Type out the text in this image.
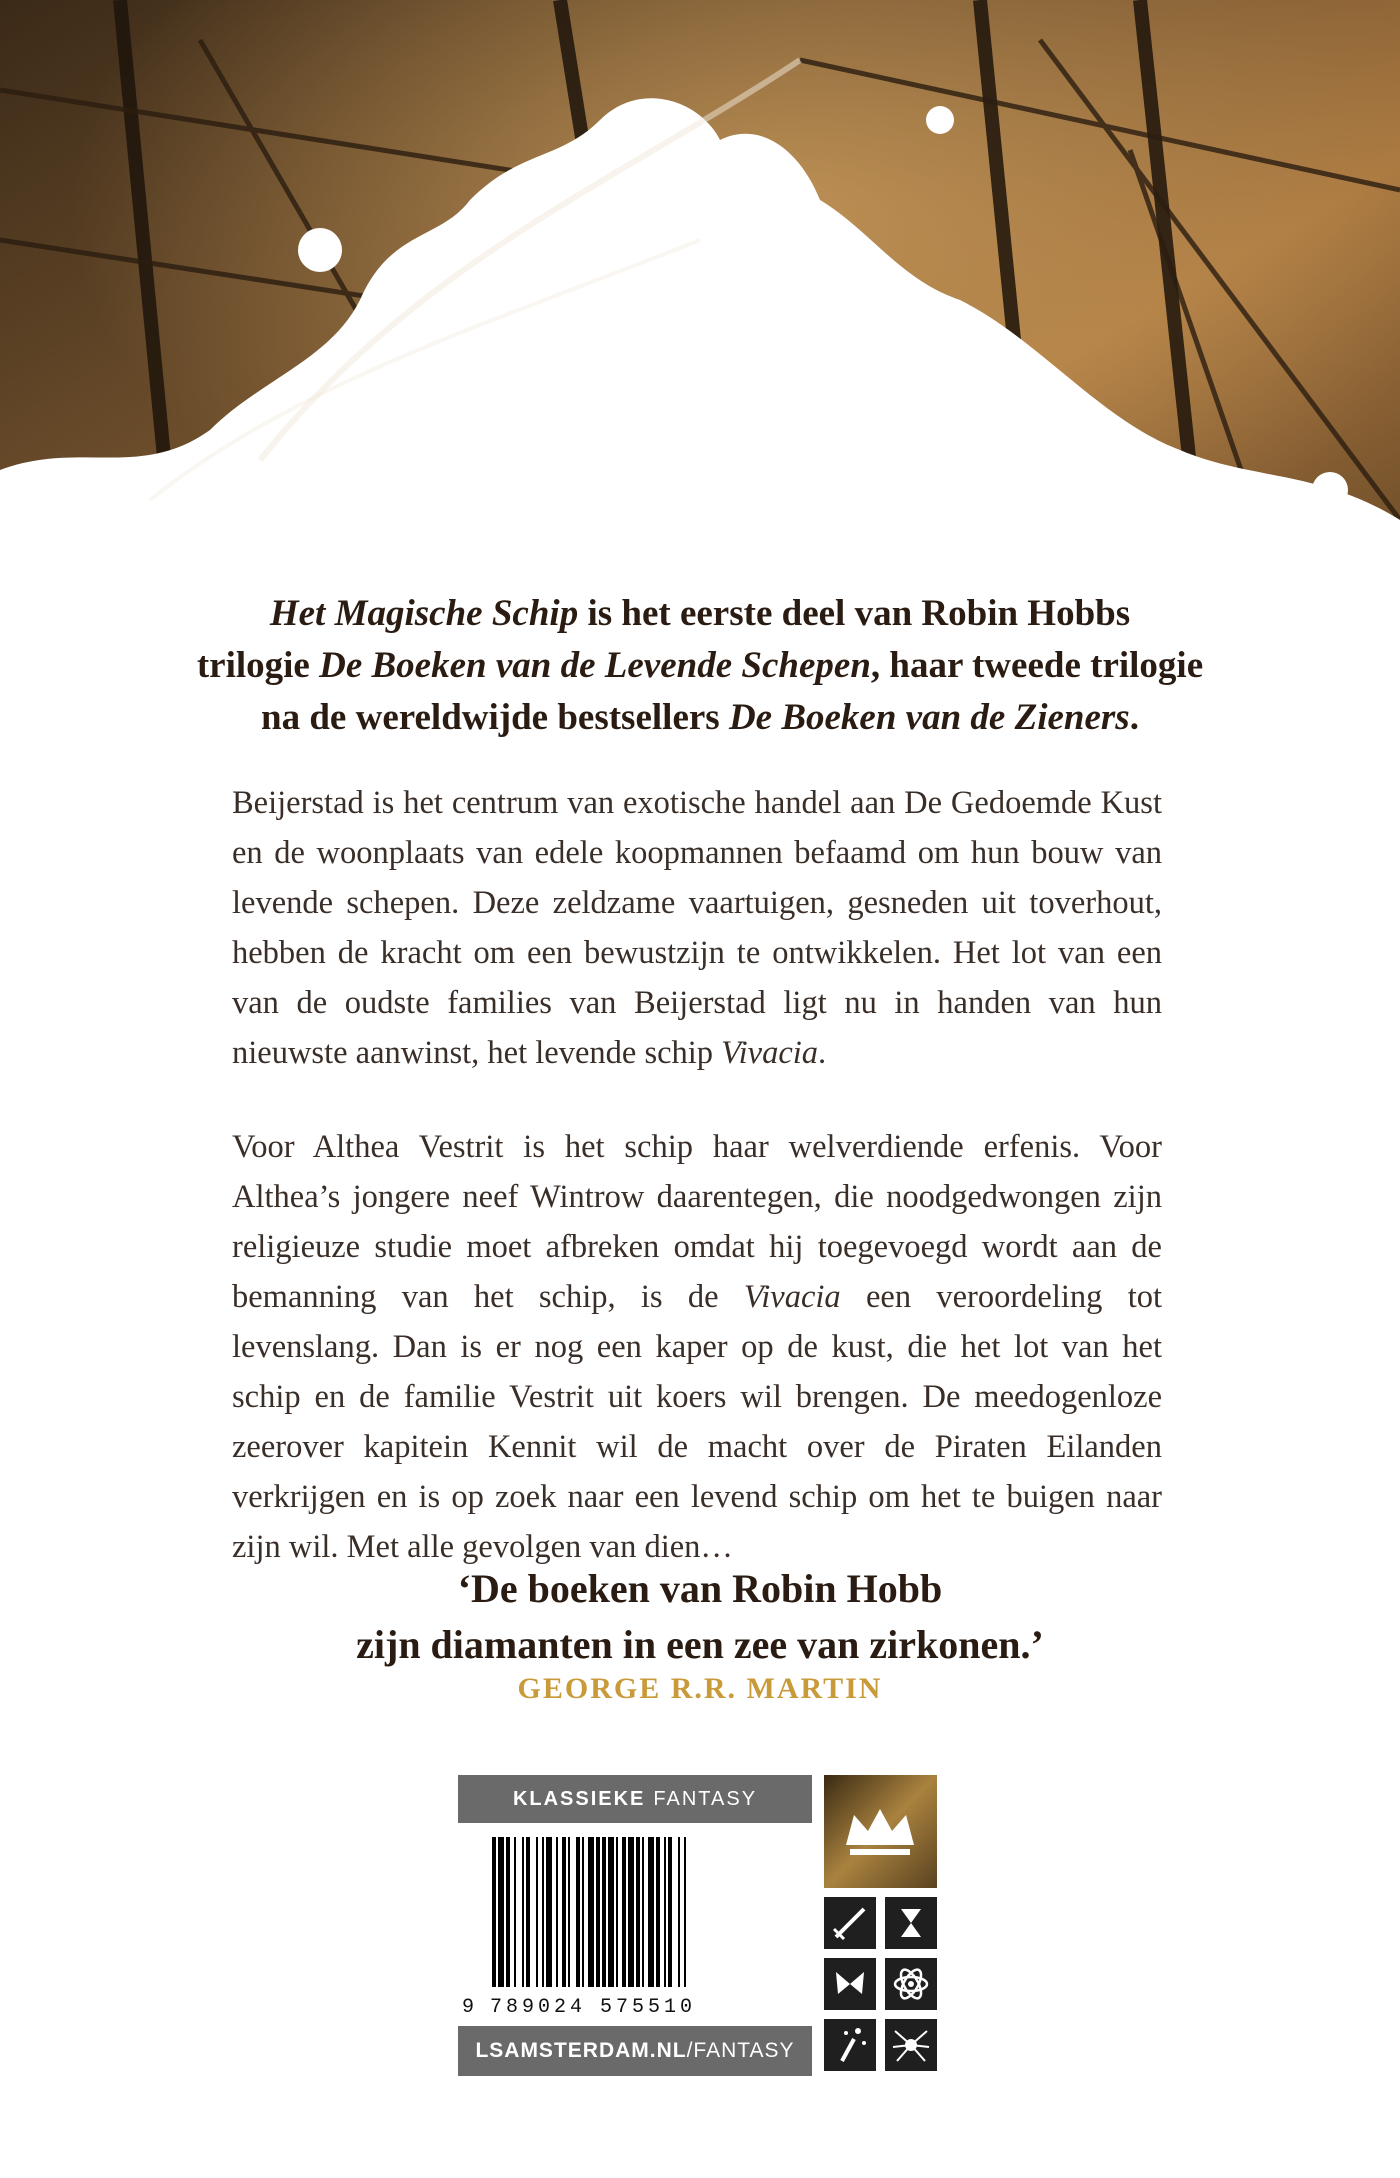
Het Magische Schip is het eerste deel van Robin Hobbs
trilogie De Boeken van de Levende Schepen, haar tweede trilogie
na de wereldwijde bestsellers De Boeken van de Zieners.

Beijerstad is het centrum van exotische handel aan De Gedoemde Kust en de woonplaats van edele koopmannen befaamd om hun bouw van levende schepen. Deze zeldzame vaartuigen, gesneden uit toverhout, hebben de kracht om een bewustzijn te ontwikkelen. Het lot van een van de oudste families van Beijerstad ligt nu in handen van hun nieuwste aanwinst, het levende schip Vivacia.

Voor Althea Vestrit is het schip haar welverdiende erfenis. Voor Althea’s jongere neef Wintrow daarentegen, die noodgedwongen zijn religieuze studie moet afbreken omdat hij toegevoegd wordt aan de bemanning van het schip, is de Vivacia een veroordeling tot levenslang. Dan is er nog een kaper op de kust, die het lot van het schip en de familie Vestrit uit koers wil brengen. De meedogenloze zeerover kapitein Kennit wil de macht over de Piraten Eilanden verkrijgen en is op zoek naar een levend schip om het te buigen naar zijn wil. Met alle gevolgen van dien…

‘De boeken van Robin Hobb
zijn diamanten in een zee van zirkonen.’
GEORGE R.R. MARTIN
KLASSIEKE FANTASY
9 789024 575510
LSAMSTERDAM.NL /FANTASY
